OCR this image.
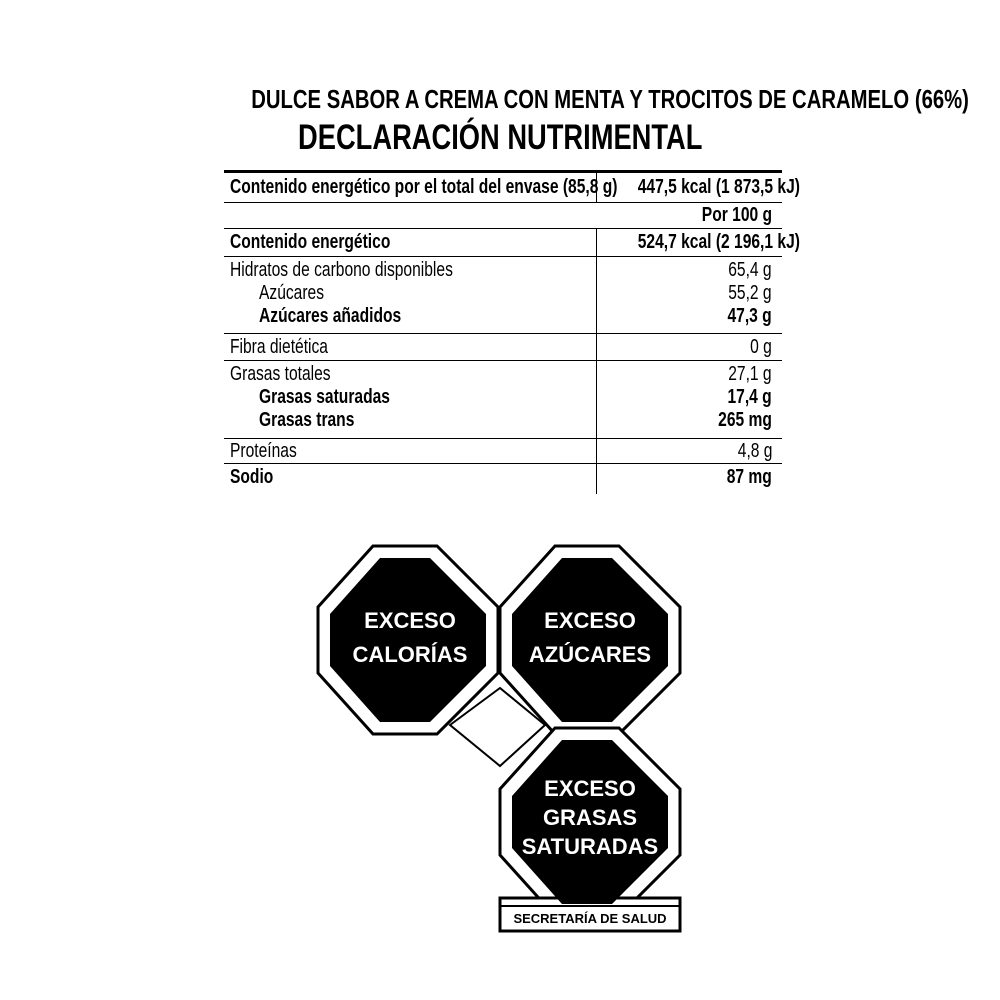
DULCE SABOR A CREMA CON MENTA Y TROCITOS DE CARAMELO (66%)
DECLARACIÓN NUTRIMENTAL
Contenido energético por el total del envase (85,8 g)	447,5 kcal (1 873,5 kJ)
Por 100 g
Contenido energético	524,7 kcal (2 196,1 kJ)
Hidratos de carbono disponibles	65,4 g
Azúcares	55,2 g
Azúcares añadidos	47,3 g
Fibra dietética	0 g
Grasas totales	27,1 g
Grasas saturadas	17,4 g
Grasas trans	265 mg
Proteínas	4,8 g
Sodio	87 mg
EXCESO
CALORÍAS
EXCESO
AZÚCARES
EXCESO
GRASAS
SATURADAS
SECRETARÍA DE SALUD
